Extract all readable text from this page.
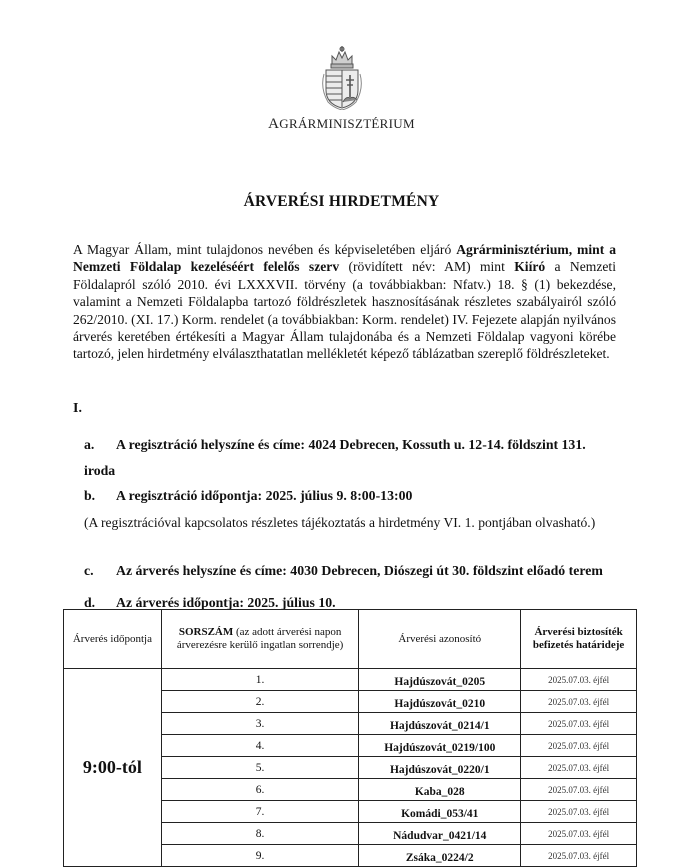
AGRÁRMINISZTÉRIUM
ÁRVERÉSI HIRDETMÉNY
A Magyar Állam, mint tulajdonos nevében és képviseletében eljáró Agrárminisztérium, mint a Nemzeti Földalap kezeléséért felelős szerv (rövidített név: AM) mint Kiíró a Nemzeti Földalapról szóló 2010. évi LXXXVII. törvény (a továbbiakban: Nfatv.) 18. § (1) bekezdése, valamint a Nemzeti Földalapba tartozó földrészletek hasznosításának részletes szabályairól szóló 262/2010. (XI. 17.) Korm. rendelet (a továbbiakban: Korm. rendelet) IV. Fejezete alapján nyilvános árverés keretében értékesíti a Magyar Állam tulajdonába és a Nemzeti Földalap vagyoni körébe tartozó, jelen hirdetmény elválaszthatatlan mellékletét képező táblázatban szereplő földrészleteket.
I.
a. A regisztráció helyszíne és címe: 4024 Debrecen, Kossuth u. 12-14. földszint 131. iroda
b. A regisztráció időpontja: 2025. július 9. 8:00-13:00
(A regisztrációval kapcsolatos részletes tájékoztatás a hirdetmény VI. 1. pontjában olvasható.)
c. Az árverés helyszíne és címe: 4030 Debrecen, Diószegi út 30. földszint előadó terem
d. Az árverés időpontja: 2025. július 10.
Árverés időpontja	SORSZÁM (az adott árverési napon árverezésre kerülő ingatlan sorrendje)	Árverési azonosító	Árverési biztosíték befizetés határideje
9:00-tól	1.	Hajdúszovát_0205	2025.07.03. éjfél
	2.	Hajdúszovát_0210	2025.07.03. éjfél
	3.	Hajdúszovát_0214/1	2025.07.03. éjfél
	4.	Hajdúszovát_0219/100	2025.07.03. éjfél
	5.	Hajdúszovát_0220/1	2025.07.03. éjfél
	6.	Kaba_028	2025.07.03. éjfél
	7.	Komádi_053/41	2025.07.03. éjfél
	8.	Nádudvar_0421/14	2025.07.03. éjfél
	9.	Zsáka_0224/2	2025.07.03. éjfél
